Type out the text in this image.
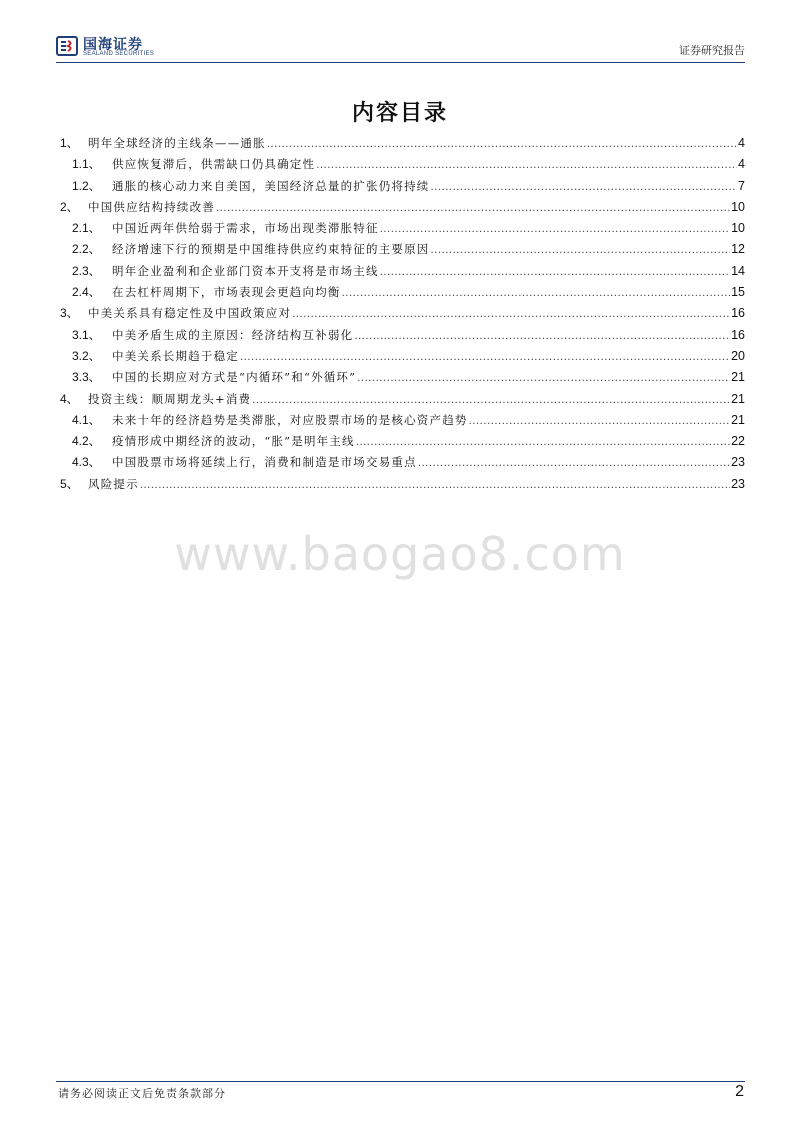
国海证券
SEALAND SECURITIES	证券研究报告
内容目录
1、 明年全球经济的主线条——通胀 .....	4
1.1、 供应恢复滞后，供需缺口仍具确定性 .....	4
1.2、 通胀的核心动力来自美国，美国经济总量的扩张仍将持续 .....	7
2、 中国供应结构持续改善 .....	10
2.1、 中国近两年供给弱于需求，市场出现类滞胀特征 .....	10
2.2、 经济增速下行的预期是中国维持供应约束特征的主要原因 .....	12
2.3、 明年企业盈利和企业部门资本开支将是市场主线 .....	14
2.4、 在去杠杆周期下，市场表现会更趋向均衡 .....	15
3、 中美关系具有稳定性及中国政策应对 .....	16
3.1、 中美矛盾生成的主原因：经济结构互补弱化 .....	16
3.2、 中美关系长期趋于稳定 .....	20
3.3、 中国的长期应对方式是“内循环”和“外循环” .....	21
4、 投资主线：顺周期龙头+消费 .....	21
4.1、 未来十年的经济趋势是类滞胀，对应股票市场的是核心资产趋势 .....	21
4.2、 疫情形成中期经济的波动，“胀”是明年主线 .....	22
4.3、 中国股票市场将延续上行，消费和制造是市场交易重点 .....	23
5、 风险提示 .....	23
www.baogao8.com
请务必阅读正文后免责条款部分	2
